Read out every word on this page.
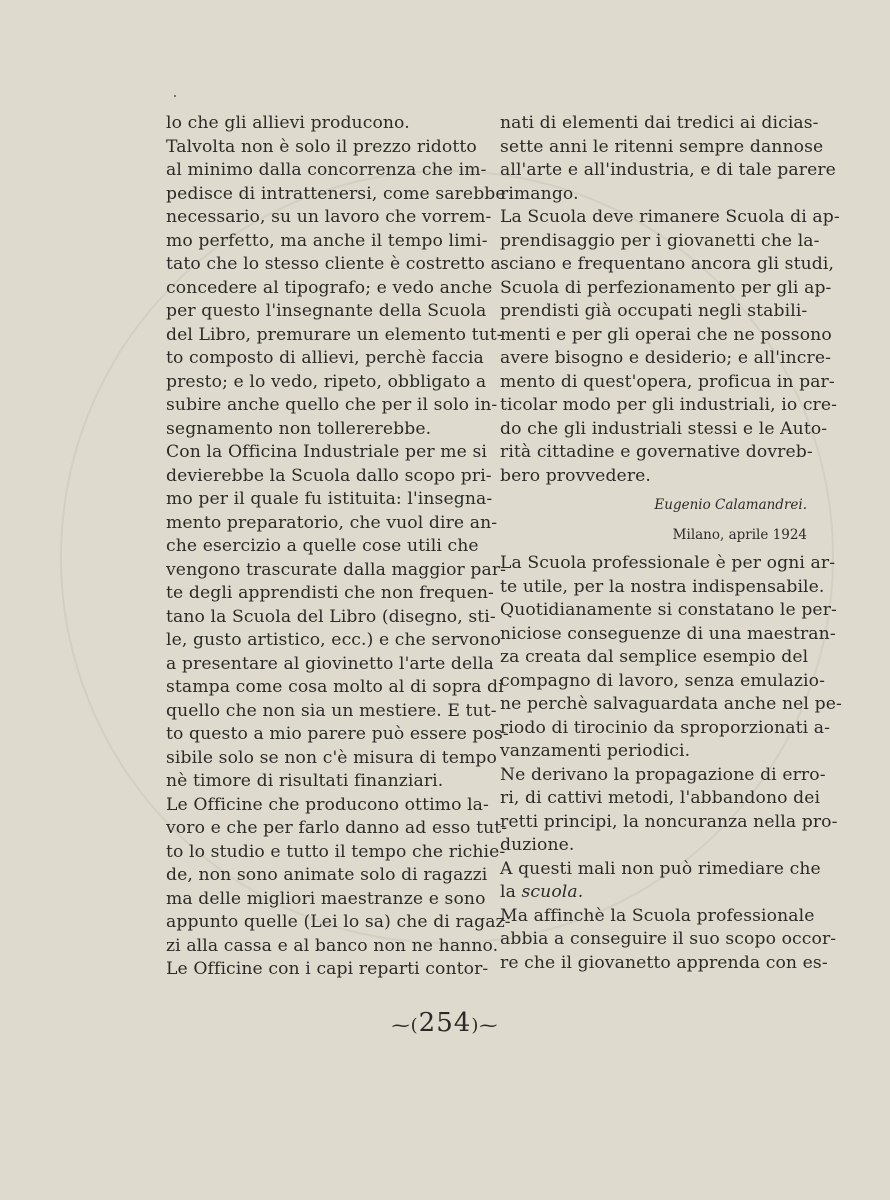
lo che gli allievi producono.
Talvolta non è solo il prezzo ridotto
al minimo dalla concorrenza che im-
pedisce di intrattenersi, come sarebbe
necessario, su un lavoro che vorrem-
mo perfetto, ma anche il tempo limi-
tato che lo stesso cliente è costretto a
concedere al tipografo; e vedo anche
per questo l'insegnante della Scuola
del Libro, premurare un elemento tut-
to composto di allievi, perchè faccia
presto; e lo vedo, ripeto, obbligato a
subire anche quello che per il solo in-
segnamento non tollererebbe.
Con la Officina Industriale per me si
devierebbe la Scuola dallo scopo pri-
mo per il quale fu istituita: l'insegna-
mento preparatorio, che vuol dire an-
che esercizio a quelle cose utili che
vengono trascurate dalla maggior par-
te degli apprendisti che non frequen-
tano la Scuola del Libro (disegno, sti-
le, gusto artistico, ecc.) e che servono
a presentare al giovinetto l'arte della
stampa come cosa molto al di sopra di
quello che non sia un mestiere. E tut-
to questo a mio parere può essere pos-
sibile solo se non c'è misura di tempo
nè timore di risultati finanziari.
Le Officine che producono ottimo la-
voro e che per farlo danno ad esso tut-
to lo studio e tutto il tempo che richie-
de, non sono animate solo di ragazzi
ma delle migliori maestranze e sono
appunto quelle (Lei lo sa) che di ragaz-
zi alla cassa e al banco non ne hanno.
Le Officine con i capi reparti contor-
nati di elementi dai tredici ai dicias-
sette anni le ritenni sempre dannose
all'arte e all'industria, e di tale parere
rimango.
La Scuola deve rimanere Scuola di ap-
prendisaggio per i giovanetti che la-
sciano e frequentano ancora gli studi,
Scuola di perfezionamento per gli ap-
prendisti già occupati negli stabili-
menti e per gli operai che ne possono
avere bisogno e desiderio; e all'incre-
mento di quest'opera, proficua in par-
ticolar modo per gli industriali, io cre-
do che gli industriali stessi e le Auto-
rità cittadine e governative dovreb-
bero provvedere.
Eugenio Calamandrei.
Milano, aprile 1924
La Scuola professionale è per ogni ar-
te utile, per la nostra indispensabile.
Quotidianamente si constatano le per-
niciose conseguenze di una maestran-
za creata dal semplice esempio del
compagno di lavoro, senza emulazio-
ne perchè salvaguardata anche nel pe-
riodo di tirocinio da sproporzionati a-
vanzamenti periodici.
Ne derivano la propagazione di erro-
ri, di cattivi metodi, l'abbandono dei
retti principi, la noncuranza nella pro-
duzione.
A questi mali non può rimediare che
la scuola.
Ma affinchè la Scuola professionale
abbia a conseguire il suo scopo occor-
re che il giovanetto apprenda con es-
⁓(254)⁓
